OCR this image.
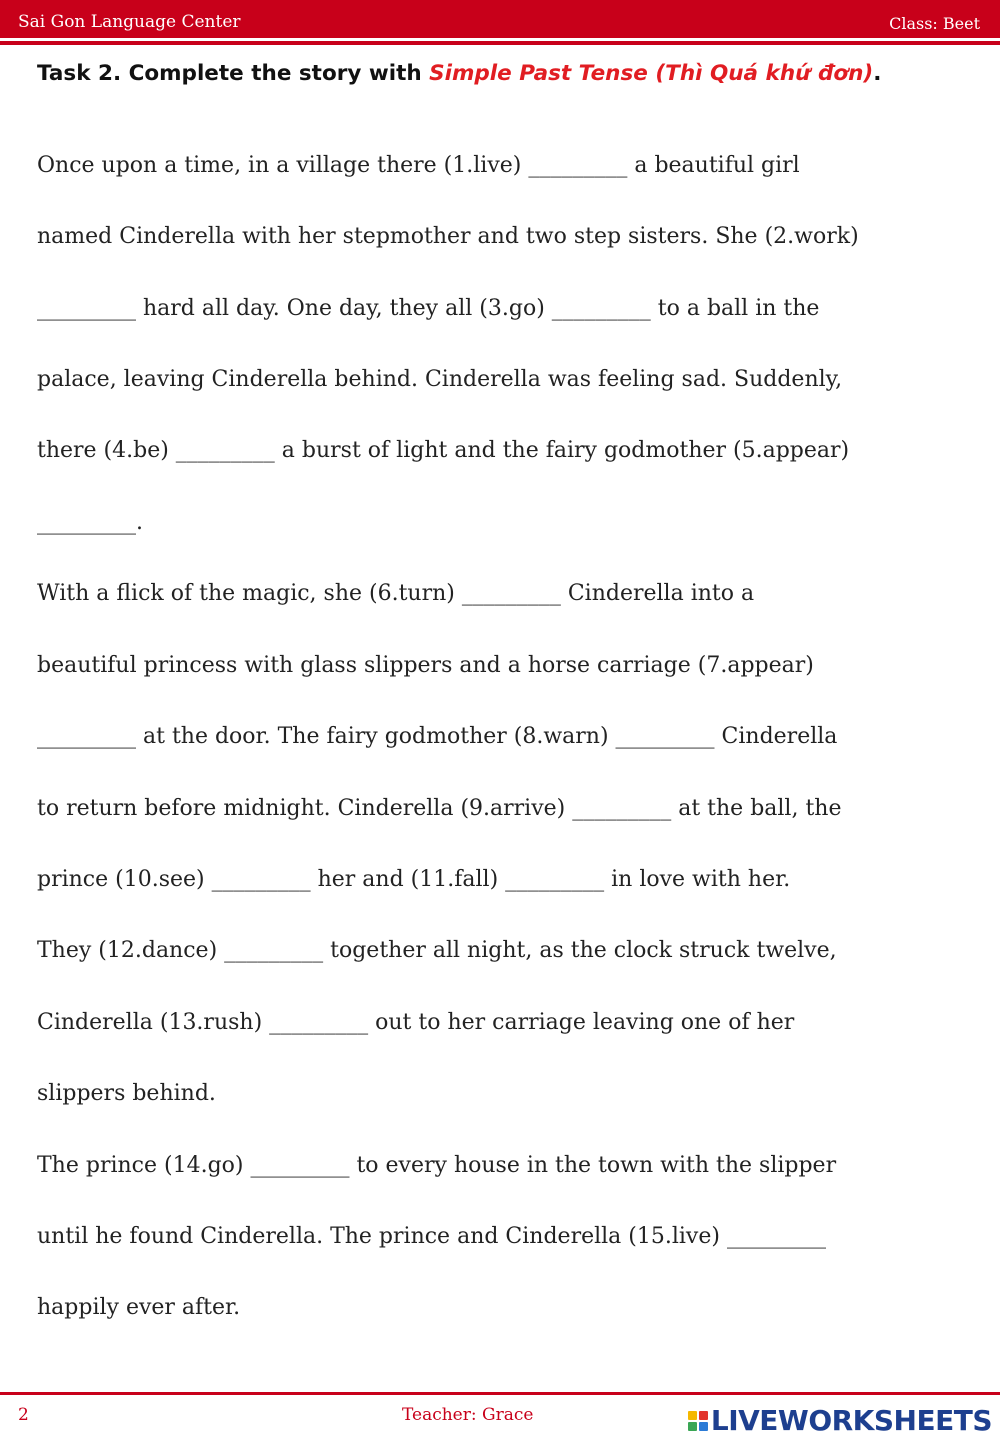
Sai Gon Language Center	Class: Beet
Task 2. Complete the story with Simple Past Tense (Thì Quá khứ đơn).
Once upon a time, in a village there (1.live) _________ a beautiful girl
named Cinderella with her stepmother and two step sisters. She (2.work)
_________ hard all day. One day, they all (3.go) _________ to a ball in the
palace, leaving Cinderella behind. Cinderella was feeling sad. Suddenly,
there (4.be) _________ a burst of light and the fairy godmother (5.appear)
_________.
With a flick of the magic, she (6.turn) _________ Cinderella into a
beautiful princess with glass slippers and a horse carriage (7.appear)
_________ at the door. The fairy godmother (8.warn) _________ Cinderella
to return before midnight. Cinderella (9.arrive) _________ at the ball, the
prince (10.see) _________ her and (11.fall) _________ in love with her.
They (12.dance) _________ together all night, as the clock struck twelve,
Cinderella (13.rush) _________ out to her carriage leaving one of her
slippers behind.
The prince (14.go) _________ to every house in the town with the slipper
until he found Cinderella. The prince and Cinderella (15.live) _________
happily ever after.
2	Teacher: Grace	LIVEWORKSHEETS
